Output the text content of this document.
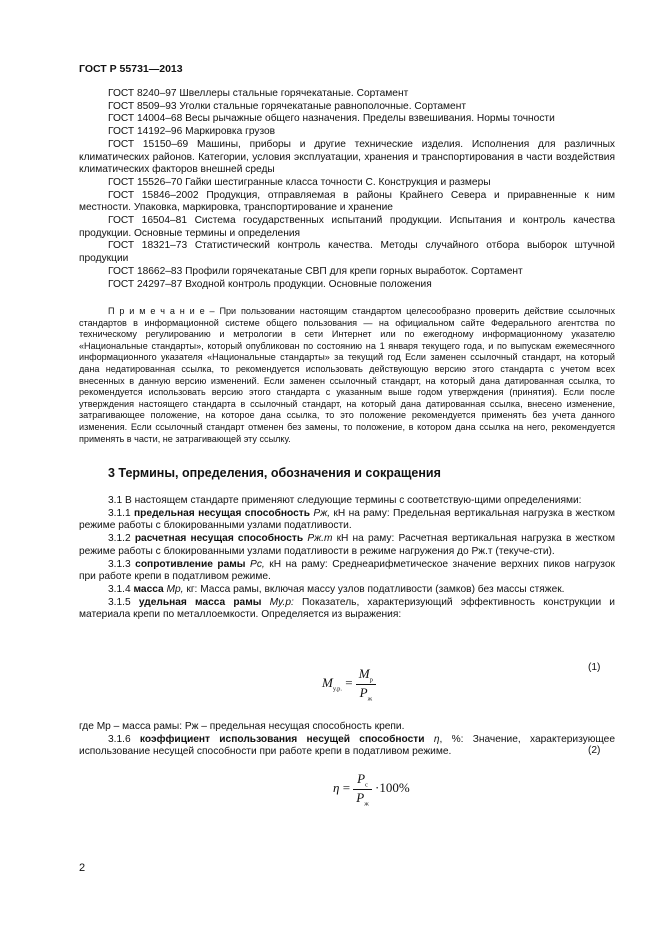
ГОСТ Р 55731—2013

ГОСТ 8240–97 Швеллеры стальные горячекатаные. Сортамент

ГОСТ 8509–93 Уголки стальные горячекатаные равнополочные. Сортамент

ГОСТ 14004–68 Весы рычажные общего назначения. Пределы взвешивания. Нормы точности

ГОСТ 14192–96 Маркировка грузов

ГОСТ 15150–69 Машины, приборы и другие технические изделия. Исполнения для различных климатических районов. Категории, условия эксплуатации, хранения и транспортирования в части воздействия климатических факторов внешней среды

ГОСТ 15526–70 Гайки шестигранные класса точности С. Конструкция и размеры

ГОСТ 15846–2002 Продукция, отправляемая в районы Крайнего Севера и приравненные к ним местности. Упаковка, маркировка, транспортирование и хранение

ГОСТ 16504–81 Система государственных испытаний продукции. Испытания и контроль качества продукции. Основные термины и определения

ГОСТ 18321–73 Статистический контроль качества. Методы случайного отбора выборок штучной продукции

ГОСТ 18662–83 Профили горячекатаные СВП для крепи горных выработок. Сортамент

ГОСТ 24297–87 Входной контроль продукции. Основные положения

П р и м е ч а н и е – При пользовании настоящим стандартом целесообразно проверить действие ссылочных стандартов в информационной системе общего пользования — на официальном сайте Федерального агентства по техническому регулированию и метрологии в сети Интернет или по ежегодному информационному указателю «Национальные стандарты», который опубликован по состоянию на 1 января текущего года, и по выпускам ежемесячного информационного указателя «Национальные стандарты» за текущий год Если заменен ссылочный стандарт, на который дана недатированная ссылка, то рекомендуется использовать действующую версию этого стандарта с учетом всех внесенных в данную версию изменений. Если заменен ссылочный стандарт, на который дана датированная ссылка, то рекомендуется использовать версию этого стандарта с указанным выше годом утверждения (принятия). Если после утверждения настоящего стандарта в ссылочный стандарт, на который дана датированная ссылка, внесено изменение, затрагивающее положение, на которое дана ссылка, то это положение рекомендуется применять без учета данного изменения. Если ссылочный стандарт отменен без замены, то положение, в котором дана ссылка на него, рекомендуется применять в части, не затрагивающей эту ссылку.

3 Термины, определения, обозначения и сокращения

3.1 В настоящем стандарте применяют следующие термины с соответствую-щими определениями:

3.1.1 предельная несущая способность Pж, кН на раму: Предельная вертикальная нагрузка в жестком режиме работы с блокированными узлами податливости.

3.1.2 расчетная несущая способность Pж.т кН на раму: Расчетная вертикальная нагрузка в жестком режиме работы с блокированными узлами податливости в режиме нагружения до Pж.т (текуче-сти).

3.1.3 сопротивление рамы Pс, кН на раму: Среднеарифметическое значение верхних пиков нагрузок при работе крепи в податливом режиме.

3.1.4 масса Mр, кг: Масса рамы, включая массу узлов податливости (замков) без массы стяжек.

3.1.5 удельная масса рамы Mу.р: Показатель, характеризующий эффективность конструкции и материала крепи по металлоемкости. Определяется из выражения:

$M_{у.р.} = \frac{M_р}{P_ж}$	(1)

где Mр – масса рамы: Pж – предельная несущая способность крепи.

3.1.6 коэффициент использования несущей способности η, %: Значение, характеризующее использование несущей способности при работе крепи в податливом режиме.

$\eta = \frac{P_с}{P_ж} \cdot 100\%$
(2)
2
